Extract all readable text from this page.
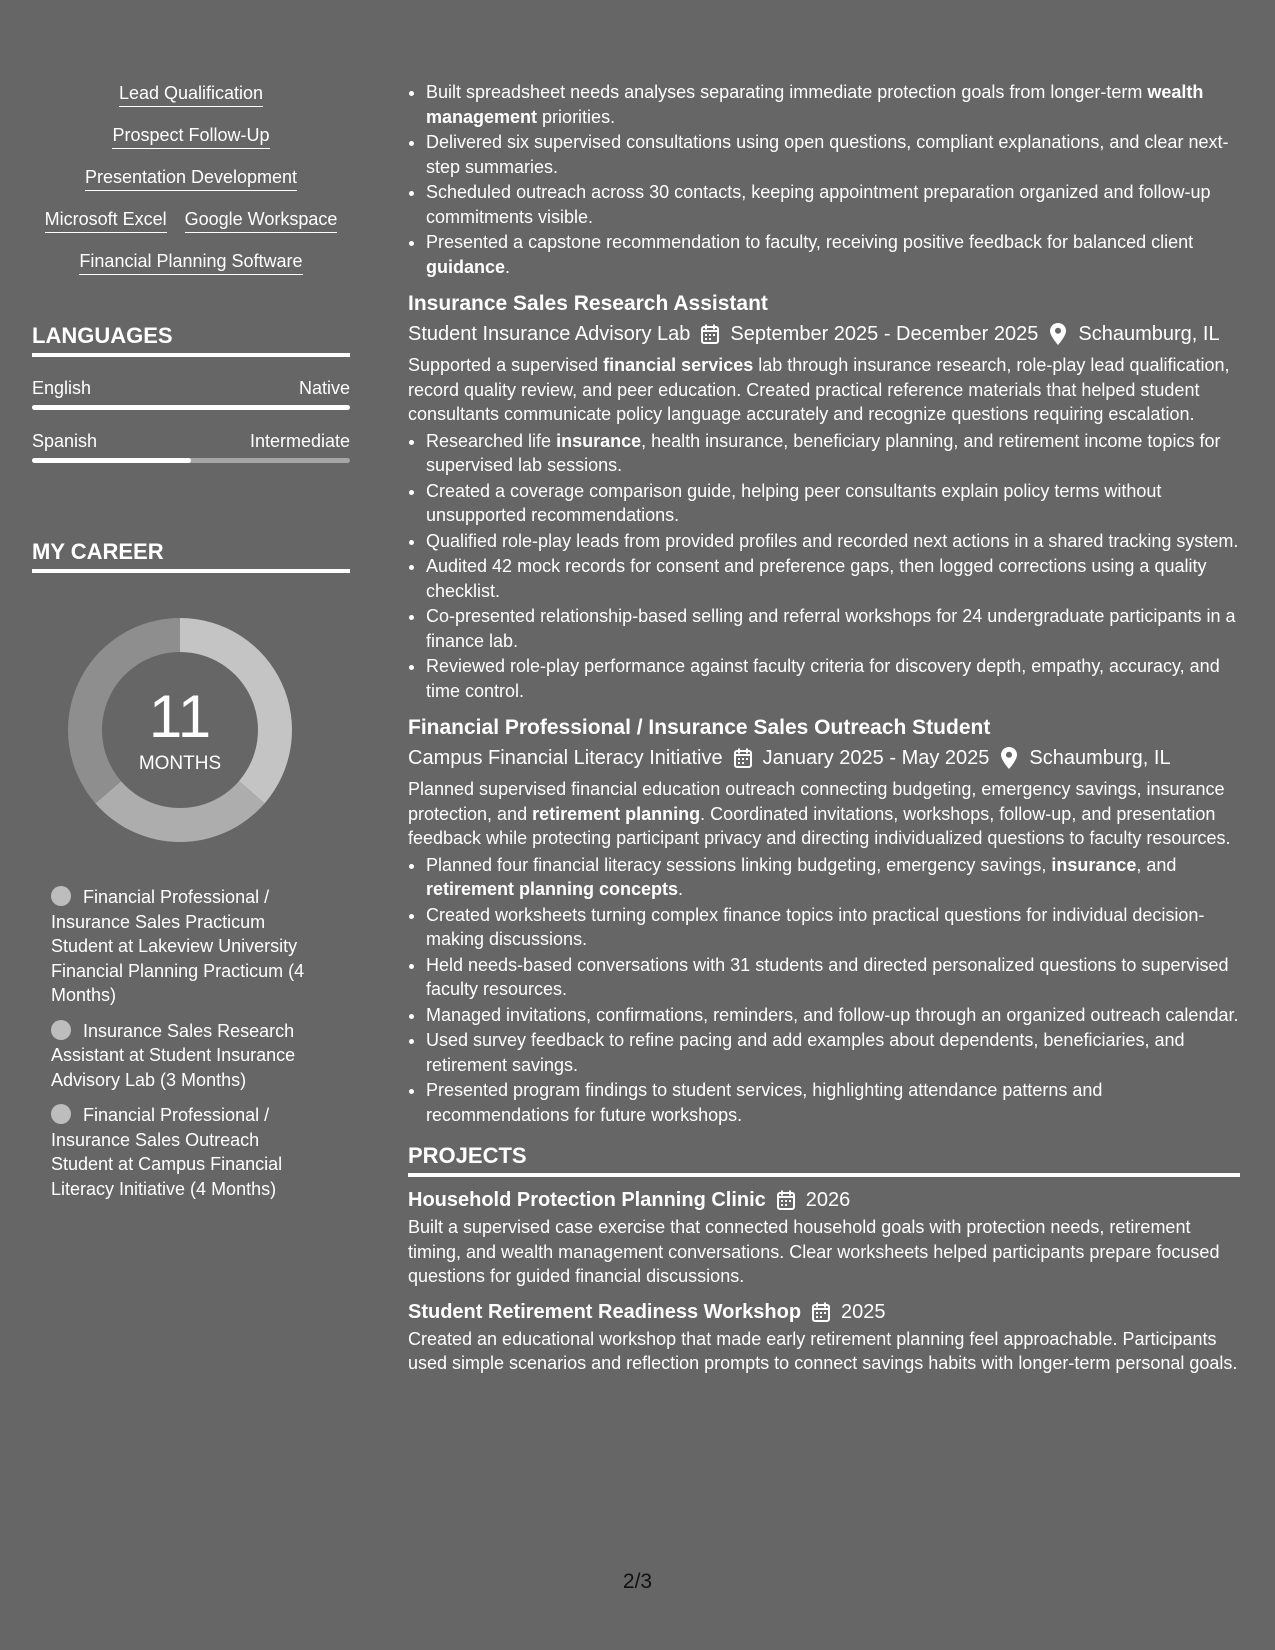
Lead Qualification
Prospect Follow-Up
Presentation Development
Microsoft Excel Google Workspace
Financial Planning Software
LANGUAGES
English	Native
Spanish	Intermediate
MY CAREER
11
MONTHS
Financial Professional / Insurance Sales Practicum Student at Lakeview University Financial Planning Practicum (4 Months)
Insurance Sales Research Assistant at Student Insurance Advisory Lab (3 Months)
Financial Professional / Insurance Sales Outreach Student at Campus Financial Literacy Initiative (4 Months)
• Built spreadsheet needs analyses separating immediate protection goals from longer-term wealth management priorities.
• Delivered six supervised consultations using open questions, compliant explanations, and clear next-step summaries.
• Scheduled outreach across 30 contacts, keeping appointment preparation organized and follow-up commitments visible.
• Presented a capstone recommendation to faculty, receiving positive feedback for balanced client guidance.
Insurance Sales Research Assistant
Student Insurance Advisory Lab September 2025 - December 2025 Schaumburg, IL

Supported a supervised financial services lab through insurance research, role-play lead qualification, record quality review, and peer education. Created practical reference materials that helped student consultants communicate policy language accurately and recognize questions requiring escalation.

• Researched life insurance, health insurance, beneficiary planning, and retirement income topics for supervised lab sessions.
• Created a coverage comparison guide, helping peer consultants explain policy terms without unsupported recommendations.
• Qualified role-play leads from provided profiles and recorded next actions in a shared tracking system.
• Audited 42 mock records for consent and preference gaps, then logged corrections using a quality checklist.
• Co-presented relationship-based selling and referral workshops for 24 undergraduate participants in a finance lab.
• Reviewed role-play performance against faculty criteria for discovery depth, empathy, accuracy, and time control.
Financial Professional / Insurance Sales Outreach Student
Campus Financial Literacy Initiative January 2025 - May 2025 Schaumburg, IL

Planned supervised financial education outreach connecting budgeting, emergency savings, insurance protection, and retirement planning. Coordinated invitations, workshops, follow-up, and presentation feedback while protecting participant privacy and directing individualized questions to faculty resources.

• Planned four financial literacy sessions linking budgeting, emergency savings, insurance, and retirement planning concepts.
• Created worksheets turning complex finance topics into practical questions for individual decision-making discussions.
• Held needs-based conversations with 31 students and directed personalized questions to supervised faculty resources.
• Managed invitations, confirmations, reminders, and follow-up through an organized outreach calendar.
• Used survey feedback to refine pacing and add examples about dependents, beneficiaries, and retirement savings.
• Presented program findings to student services, highlighting attendance patterns and recommendations for future workshops.
PROJECTS
Household Protection Planning Clinic 2026

Built a supervised case exercise that connected household goals with protection needs, retirement timing, and wealth management conversations. Clear worksheets helped participants prepare focused questions for guided financial discussions.

Student Retirement Readiness Workshop 2025

Created an educational workshop that made early retirement planning feel approachable. Participants used simple scenarios and reflection prompts to connect savings habits with longer-term personal goals.

2/3
